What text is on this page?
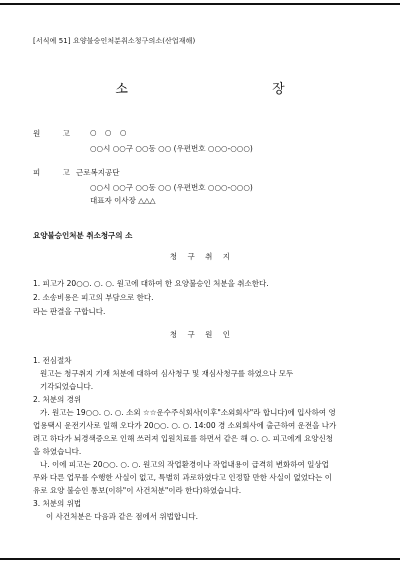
[서식예 51] 요양불승인처분취소청구의소(산업재해)
소 장
원 고 ○ ○ ○
○○시 ○○구 ○○동 ○○ (우편번호 ○○○-○○○)
피 고
근로복지공단
○○시 ○○구 ○○동 ○○ (우편번호 ○○○-○○○)
대표자 이사장 △△△
요양불승인처분 취소청구의 소
청 구 취 지
1. 피고가 20○○. ○. ○. 원고에 대하여 한 요양불승인 처분을 취소한다.
2. 소송비용은 피고의 부담으로 한다.
라는 판결을 구합니다.
청 구 원 인
1. 전심절차
원고는 청구취지 기재 처분에 대하여 심사청구 및 재심사청구를 하였으나 모두
기각되었습니다.
2. 처분의 경위
가. 원고는 19○○. ○. ○. 소외 ☆☆운수주식회사(이후"소외회사"라 합니다)에 입사하여 영
업용택시 운전기사로 일해 오다가 20○○. ○. ○. 14:00 경 소외회사에 출근하여 운전을 나가
려고 하다가 뇌경색증으로 인해 쓰러져 입원치료를 하면서 같은 해 ○. ○. 피고에게 요양신청
을 하였습니다.
나. 이에 피고는 20○○. ○. ○. 원고의 작업환경이나 작업내용이 급격히 변화하여 일상업
무와 다른 업무를 수행한 사실이 없고, 특별히 과로하였다고 인정할 만한 사실이 없었다는 이
유로 요양 불승인 통보(이하"이 사건처분"이라 한다)하였습니다.
3. 처분의 위법
이 사건처분은 다음과 같은 점에서 위법합니다.
